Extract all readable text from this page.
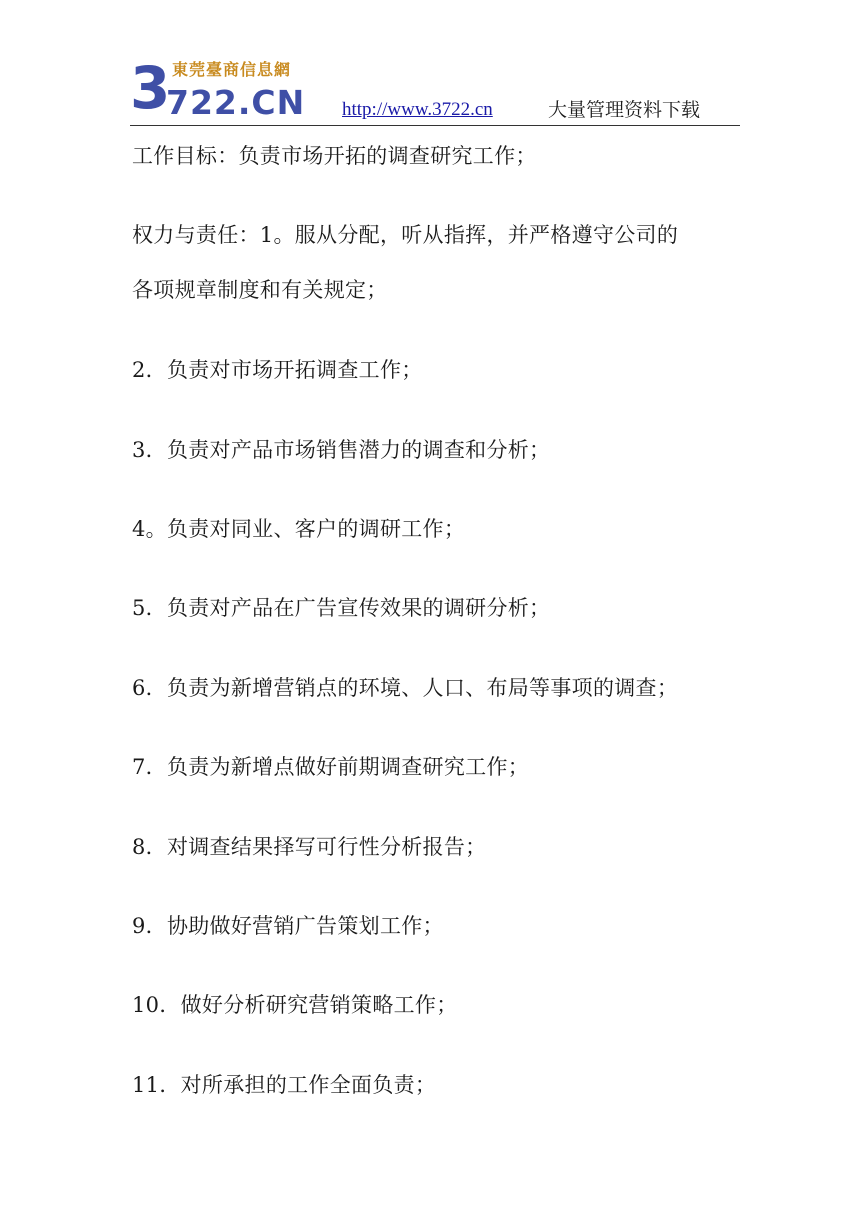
3 東莞臺商信息網
722.CN http://www.3722.cn	大量管理资料下载
工作目标：负责市场开拓的调查研究工作；
权力与责任：1。服从分配，听从指挥，并严格遵守公司的
各项规章制度和有关规定；
2．负责对市场开拓调查工作；
3．负责对产品市场销售潜力的调查和分析；
4。负责对同业、客户的调研工作；
5．负责对产品在广告宣传效果的调研分析；
6．负责为新增营销点的环境、人口、布局等事项的调查；
7．负责为新增点做好前期调查研究工作；
8．对调查结果择写可行性分析报告；
9．协助做好营销广告策划工作；
10．做好分析研究营销策略工作；
11．对所承担的工作全面负责；
